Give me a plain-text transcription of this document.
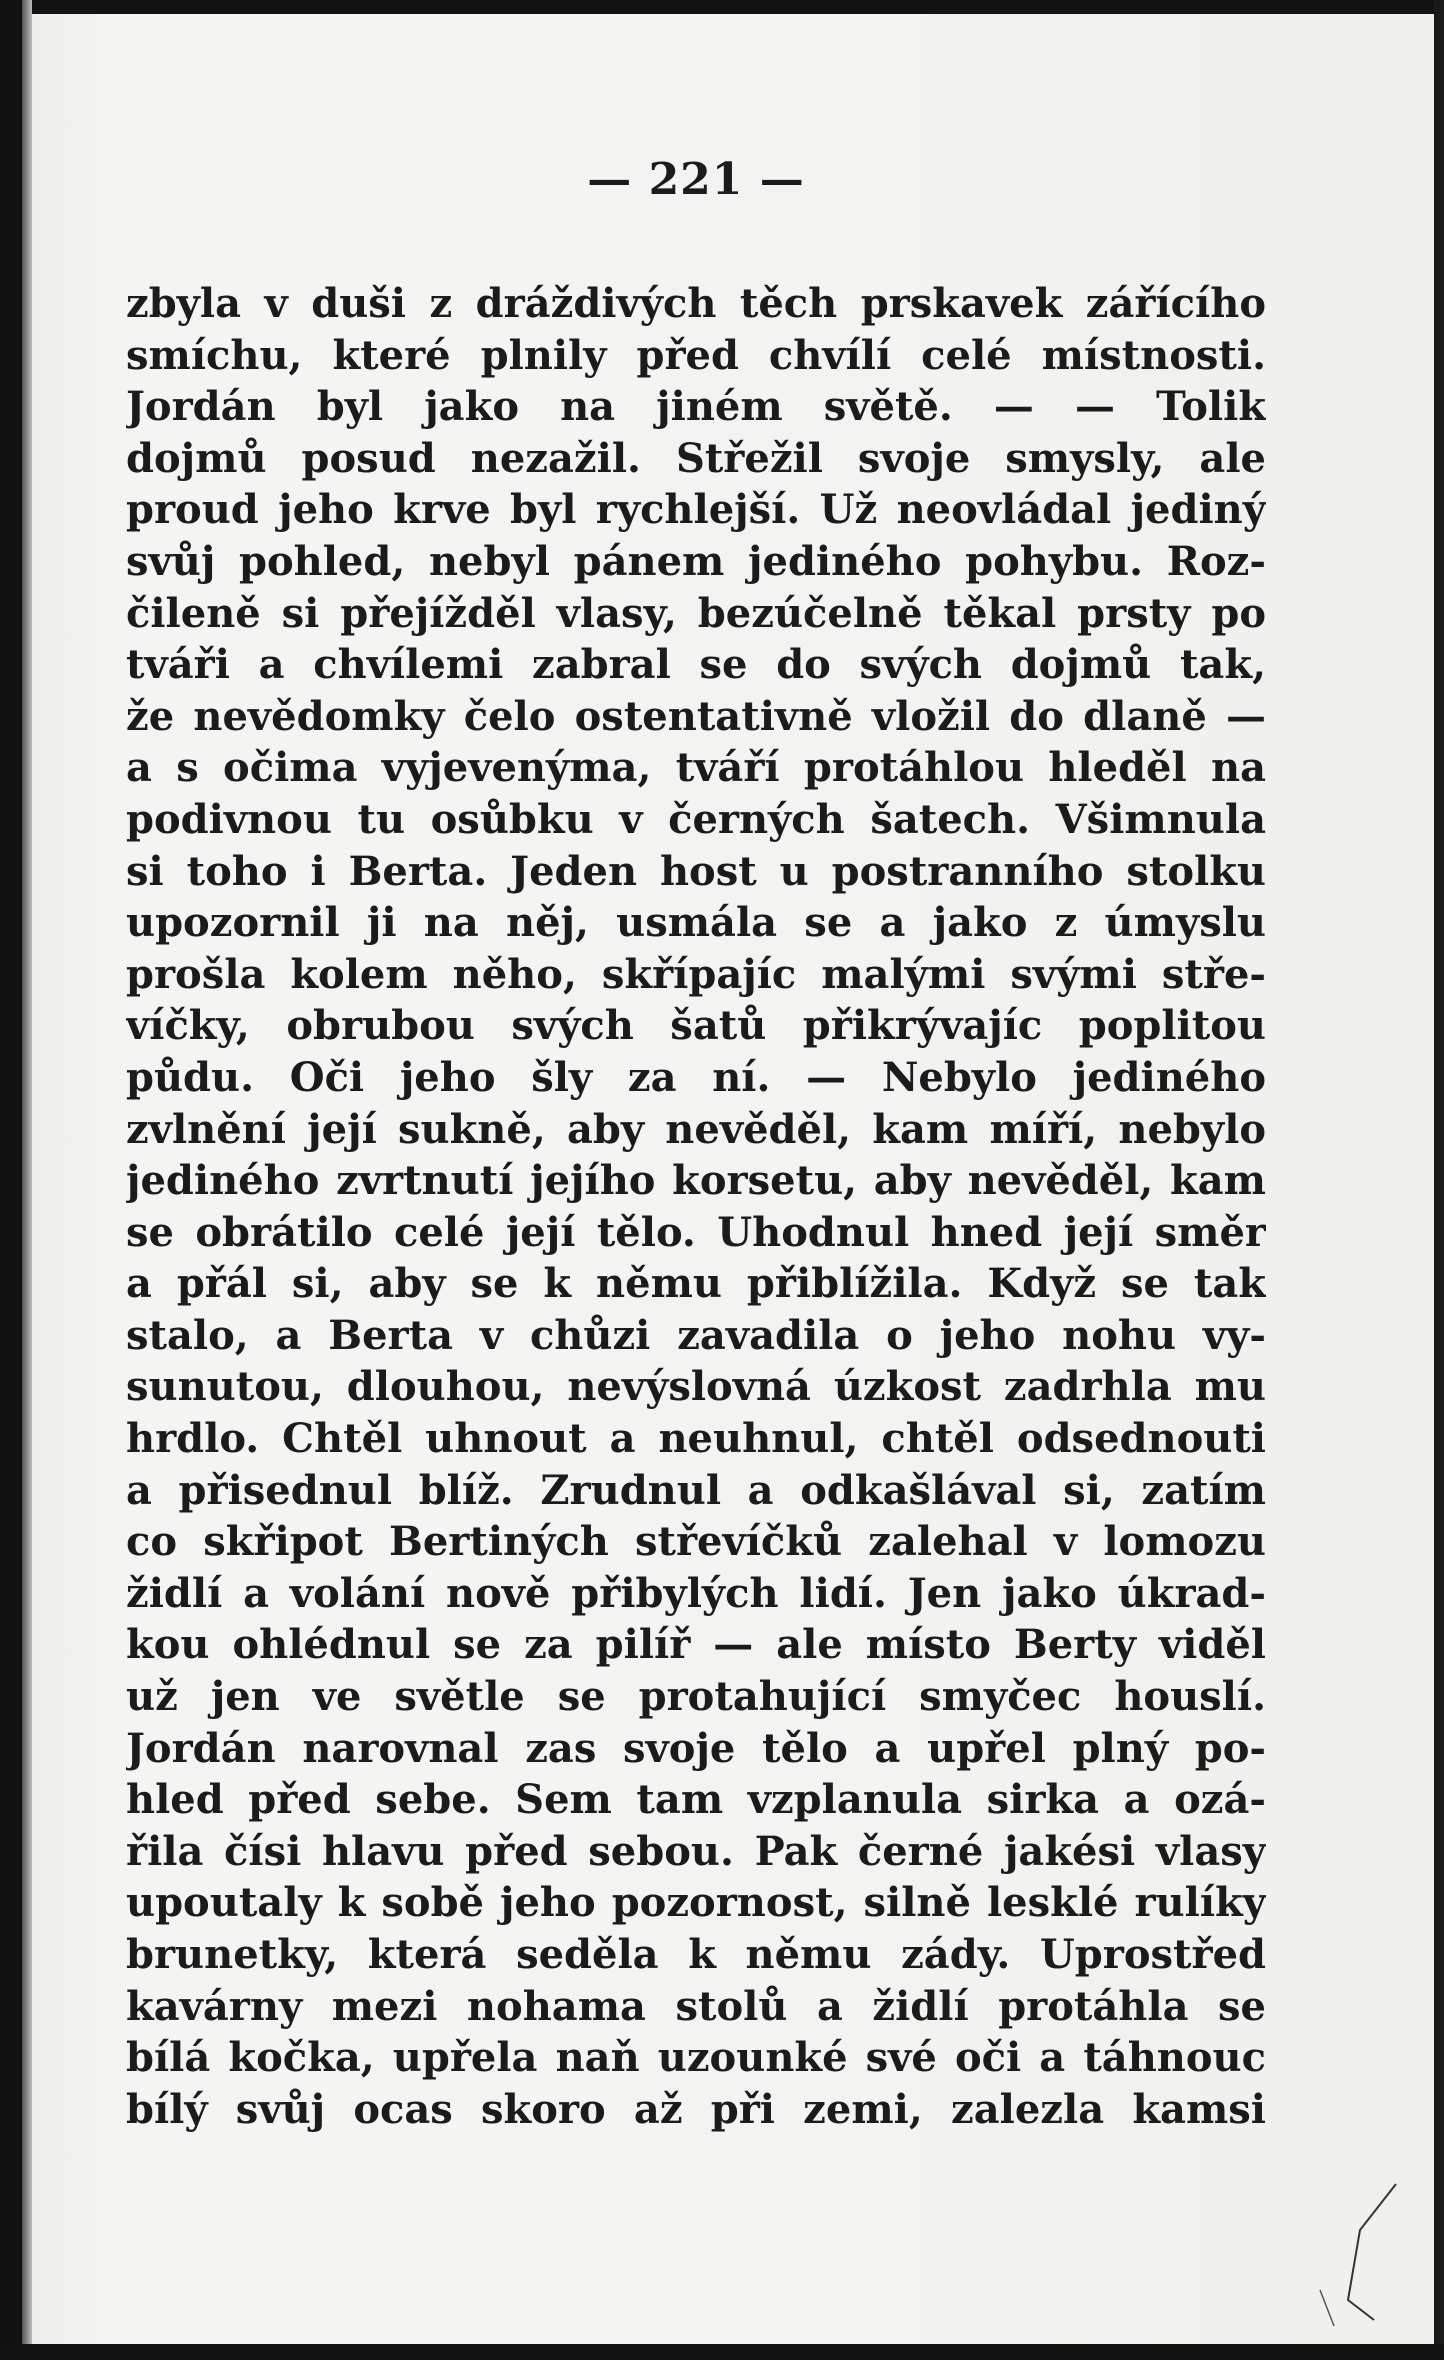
— 221 —
zbyla v duši z dráždivých těch prskavek zářícího
smíchu, které plnily před chvílí celé místnosti.
Jordán byl jako na jiném světě. — — Tolik
dojmů posud nezažil. Střežil svoje smysly, ale
proud jeho krve byl rychlejší. Už neovládal jediný
svůj pohled, nebyl pánem jediného pohybu. Roz-
čileně si přejížděl vlasy, bezúčelně těkal prsty po
tváři a chvílemi zabral se do svých dojmů tak,
že nevědomky čelo ostentativně vložil do dlaně —
a s očima vyjevenýma, tváří protáhlou hleděl na
podivnou tu osůbku v černých šatech. Všimnula
si toho i Berta. Jeden host u postranního stolku
upozornil ji na něj, usmála se a jako z úmyslu
prošla kolem něho, skřípajíc malými svými stře-
víčky, obrubou svých šatů přikrývajíc poplitou
půdu. Oči jeho šly za ní. — Nebylo jediného
zvlnění její sukně, aby nevěděl, kam míří, nebylo
jediného zvrtnutí jejího korsetu, aby nevěděl, kam
se obrátilo celé její tělo. Uhodnul hned její směr
a přál si, aby se k němu přiblížila. Když se tak
stalo, a Berta v chůzi zavadila o jeho nohu vy-
sunutou, dlouhou, nevýslovná úzkost zadrhla mu
hrdlo. Chtěl uhnout a neuhnul, chtěl odsednouti
a přisednul blíž. Zrudnul a odkašlával si, zatím
co skřipot Bertiných střevíčků zalehal v lomozu
židlí a volání nově přibylých lidí. Jen jako úkrad-
kou ohlédnul se za pilíř — ale místo Berty viděl
už jen ve světle se protahující smyčec houslí.
Jordán narovnal zas svoje tělo a upřel plný po-
hled před sebe. Sem tam vzplanula sirka a ozá-
řila čísi hlavu před sebou. Pak černé jakési vlasy
upoutaly k sobě jeho pozornost, silně lesklé rulíky
brunetky, která seděla k němu zády. Uprostřed
kavárny mezi nohama stolů a židlí protáhla se
bílá kočka, upřela naň uzounké své oči a táhnouc
bílý svůj ocas skoro až při zemi, zalezla kamsi
